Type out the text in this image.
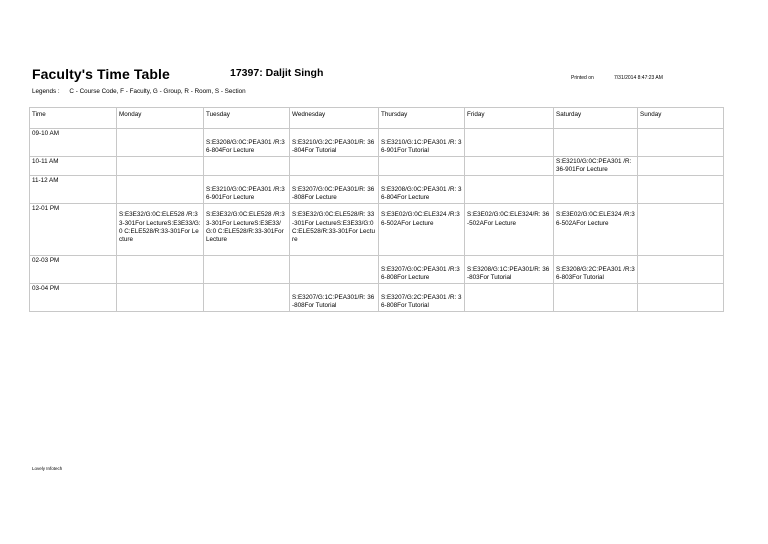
Faculty's Time Table	17397: Daljit Singh	Printed on	7/31/2014 8:47:23 AM
Legends : C - Course Code, F - Faculty, G - Group, R - Room, S - Section
Time	Monday	Tuesday	Wednesday	Thursday	Friday	Saturday	Sunday
09-10 AM		S:E3208/G:0C:PEA301 /R:36-804For Lecture	S:E3210/G:2C:PEA301/R: 36-804For Tutorial	S:E3210/G:1C:PEA301 /R: 36-901For Tutorial			

10-11 AM						S:E3210/G:0C:PEA301 /R: 36-901For Lecture	

11-12 AM		S:E3210/G:0C:PEA301 /R:36-901For Lecture	S:E3207/G:0C:PEA301/R: 36-808For Lecture	S:E3208/G:0C:PEA301 /R: 36-804For Lecture			

12-01 PM	S:E3E32/G:0C:ELE528 /R:33-301For LectureS:E3E33/G:0 C:ELE528/R:33-301For Lecture	S:E3E32/G:0C:ELE528 /R:33-301For LectureS:E3E33/G:0 C:ELE528/R:33-301For Lecture	S:E3E32/G:0C:ELE528/R: 33-301For LectureS:E3E33/G:0 C:ELE528/R:33-301For Lecture	S:E3E02/G:0C:ELE324 /R:36-502AFor Lecture	S:E3E02/G:0C:ELE324/R: 36-502AFor Lecture	S:E3E02/G:0C:ELE324 /R:36-502AFor Lecture	

02-03 PM				S:E3207/G:0C:PEA301 /R:36-808For Lecture	S:E3208/G:1C:PEA301/R: 36-803For Tutorial	S:E3208/G:2C:PEA301 /R:36-803For Tutorial	

03-04 PM			S:E3207/G:1C:PEA301/R: 36-808For Tutorial	S:E3207/G:2C:PEA301 /R: 36-808For Tutorial			

Lovely Infotech
